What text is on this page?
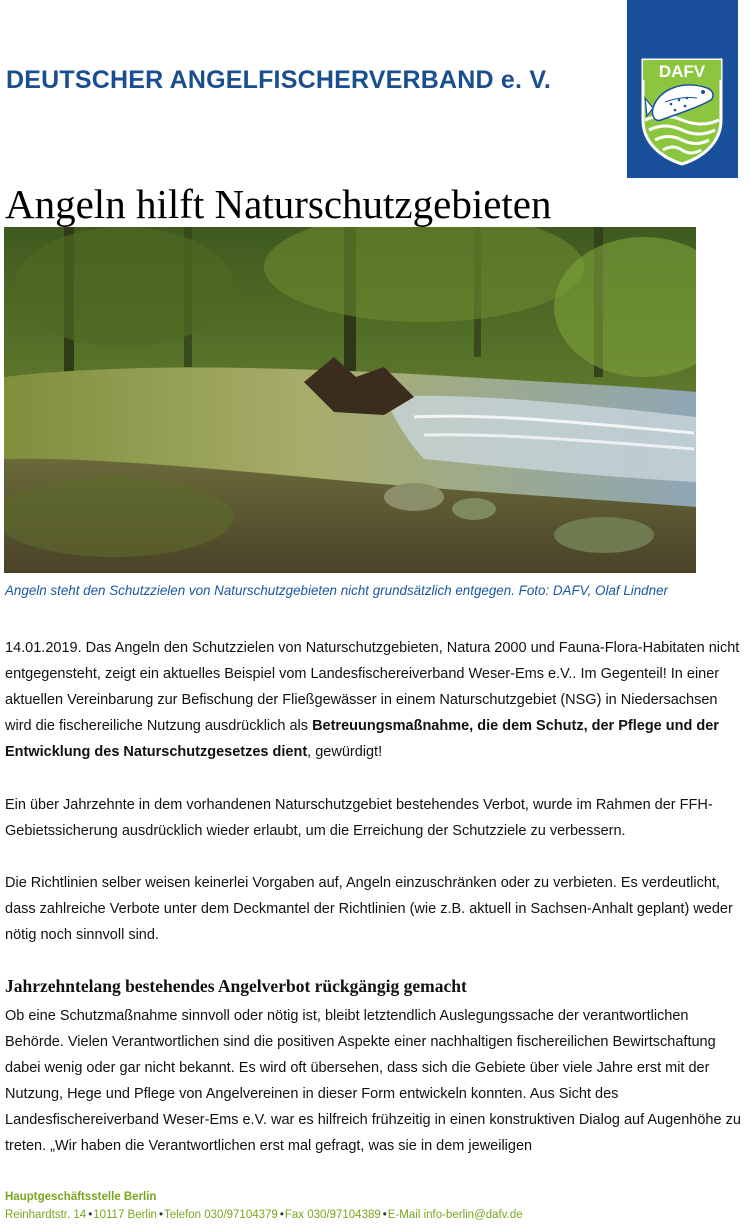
DEUTSCHER ANGELFISCHERVERBAND e. V.	DAFV
Angeln hilft Naturschutzgebieten

Angeln steht den Schutzzielen von Naturschutzgebieten nicht grundsätzlich entgegen. Foto: DAFV, Olaf Lindner

14.01.2019. Das Angeln den Schutzzielen von Naturschutzgebieten, Natura 2000 und Fauna-Flora-Habitaten nicht entgegensteht, zeigt ein aktuelles Beispiel vom Landesfischereiverband Weser-Ems e.V.. Im Gegenteil! In einer aktuellen Vereinbarung zur Befischung der Fließgewässer in einem Naturschutzgebiet (NSG) in Niedersachsen wird die fischereiliche Nutzung ausdrücklich als Betreuungsmaßnahme, die dem Schutz, der Pflege und der Entwicklung des Naturschutzgesetzes dient, gewürdigt!

Ein über Jahrzehnte in dem vorhandenen Naturschutzgebiet bestehendes Verbot, wurde im Rahmen der FFH-Gebietssicherung ausdrücklich wieder erlaubt, um die Erreichung der Schutzziele zu verbessern.

Die Richtlinien selber weisen keinerlei Vorgaben auf, Angeln einzuschränken oder zu verbieten. Es verdeutlicht, dass zahlreiche Verbote unter dem Deckmantel der Richtlinien (wie z.B. aktuell in Sachsen-Anhalt geplant) weder nötig noch sinnvoll sind.

Jahrzehntelang bestehendes Angelverbot rückgängig gemacht

Ob eine Schutzmaßnahme sinnvoll oder nötig ist, bleibt letztendlich Auslegungssache der verantwortlichen Behörde. Vielen Verantwortlichen sind die positiven Aspekte einer nachhaltigen fischereilichen Bewirtschaftung dabei wenig oder gar nicht bekannt. Es wird oft übersehen, dass sich die Gebiete über viele Jahre erst mit der Nutzung, Hege und Pflege von Angelvereinen in dieser Form entwickeln konnten. Aus Sicht des Landesfischereiverband Weser-Ems e.V. war es hilfreich frühzeitig in einen konstruktiven Dialog auf Augenhöhe zu treten. „Wir haben die Verantwortlichen erst mal gefragt, was sie in dem jeweiligen

Hauptgeschäftsstelle Berlin

Reinhardtstr. 14 •10117 Berlin •Telefon 030/97104379 •Fax 030/97104389 •E-Mail info-berlin@dafv.de
